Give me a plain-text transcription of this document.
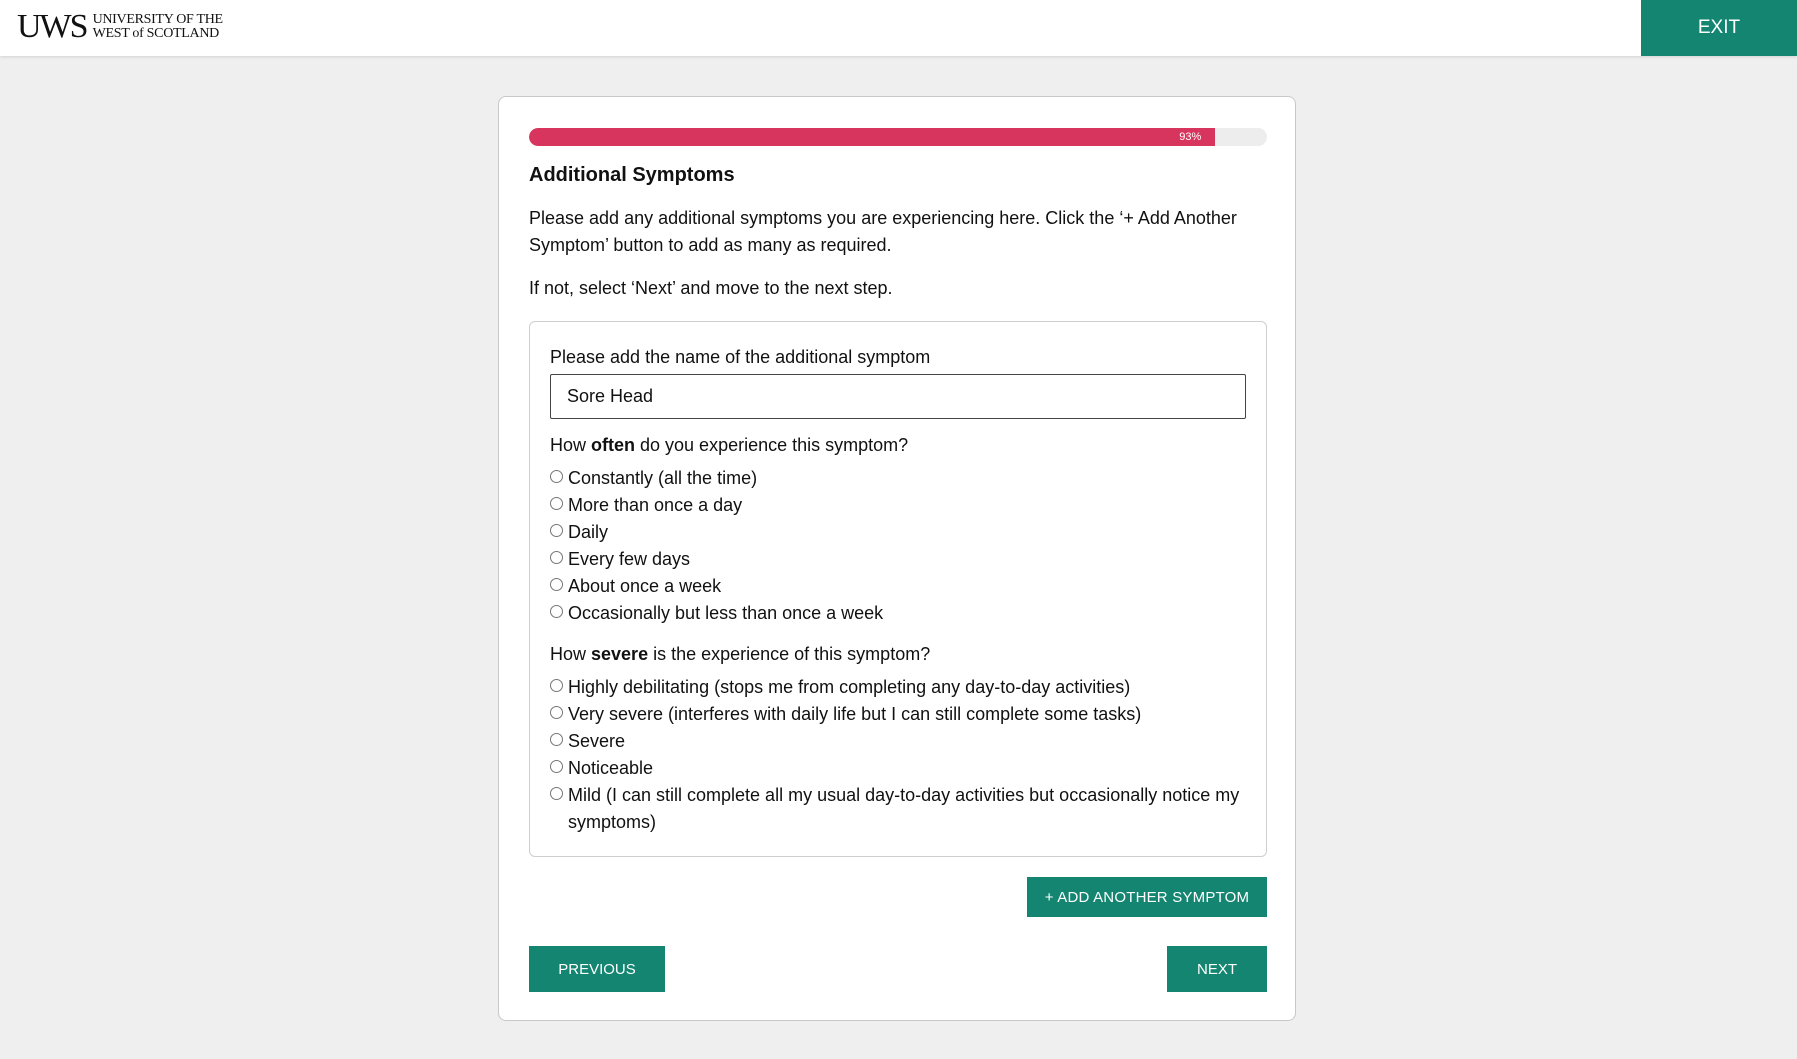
UWS UNIVERSITY OF THE
WEST of SCOTLAND	EXIT
93%
Additional Symptoms

Please add any additional symptoms you are experiencing here. Click the ‘+ Add Another Symptom’ button to add as many as required.

If not, select ‘Next’ and move to the next step.

Please add the name of the additional symptom
Sore Head
How often do you experience this symptom?
Constantly (all the time)
More than once a day
Daily
Every few days
About once a week
Occasionally but less than once a week
How severe is the experience of this symptom?
Highly debilitating (stops me from completing any day-to-day activities)
Very severe (interferes with daily life but I can still complete some tasks)
Severe
Noticeable
Mild (I can still complete all my usual day-to-day activities but occasionally notice my symptoms)
+ ADD ANOTHER SYMPTOM
PREVIOUS	NEXT
